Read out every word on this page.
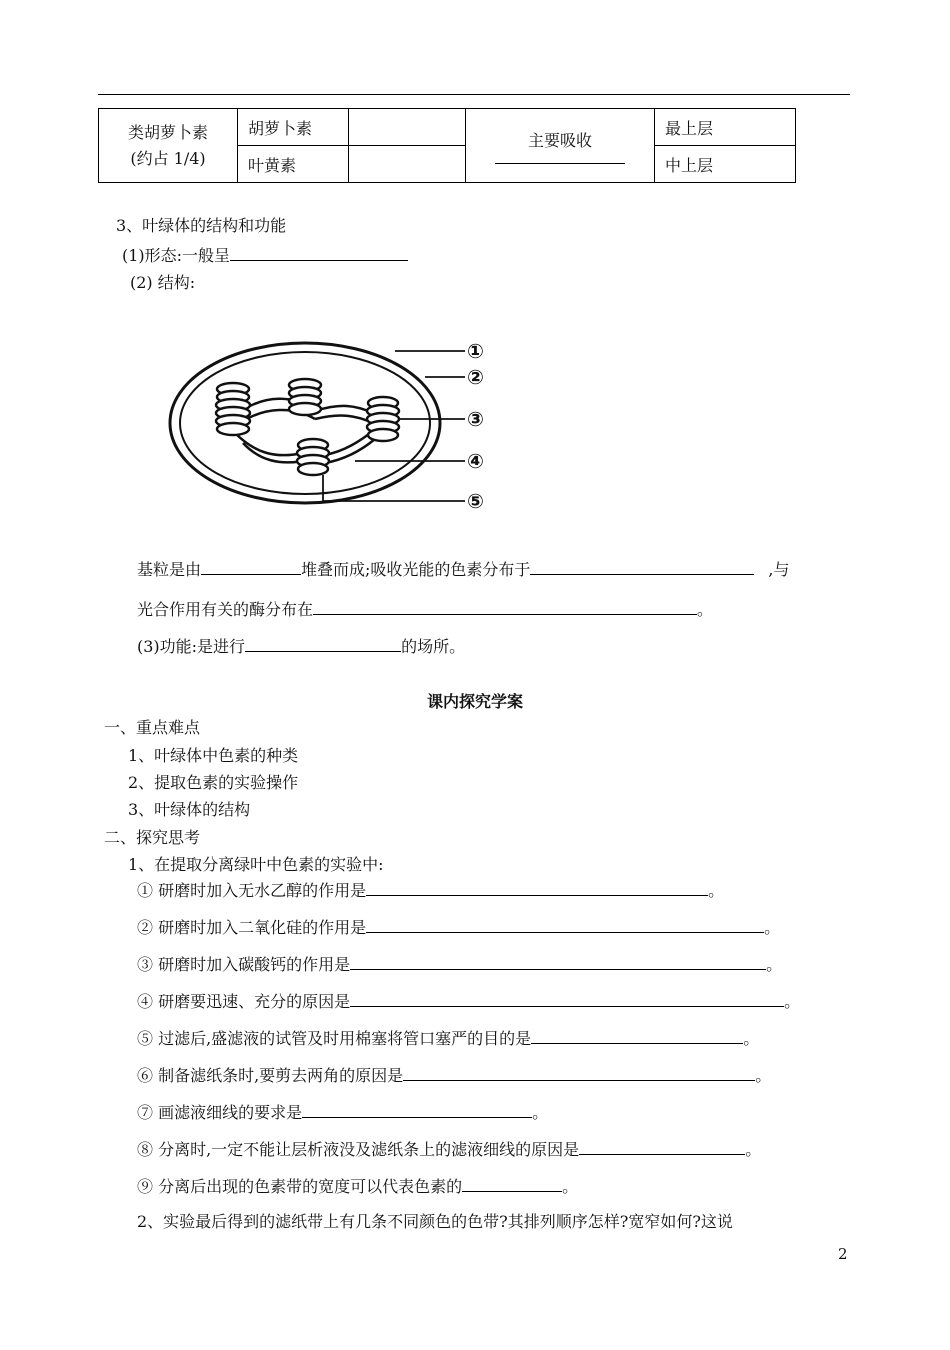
类胡萝卜素
(约占 1/4)	胡萝卜素		主要吸收	最上层
	叶黄素			中上层
3、叶绿体的结构和功能
(1)形态:一般呈
(2) 结构:
①
②
③
④
⑤
基粒是由	堆叠而成;吸收光能的色素分布于	,与
光合作用有关的酶分布在	。
(3)功能:是进行	的场所。
课内探究学案
一、重点难点
1、叶绿体中色素的种类
2、提取色素的实验操作
3、叶绿体的结构
二、探究思考
1、在提取分离绿叶中色素的实验中:
① 研磨时加入无水乙醇的作用是	。
② 研磨时加入二氧化硅的作用是	。
③ 研磨时加入碳酸钙的作用是	。
④ 研磨要迅速、充分的原因是	。
⑤ 过滤后,盛滤液的试管及时用棉塞将管口塞严的目的是	。
⑥ 制备滤纸条时,要剪去两角的原因是	。
⑦ 画滤液细线的要求是	。
⑧ 分离时,一定不能让层析液没及滤纸条上的滤液细线的原因是	。
⑨ 分离后出现的色素带的宽度可以代表色素的	。
2、实验最后得到的滤纸带上有几条不同颜色的色带?其排列顺序怎样?宽窄如何?这说
2
